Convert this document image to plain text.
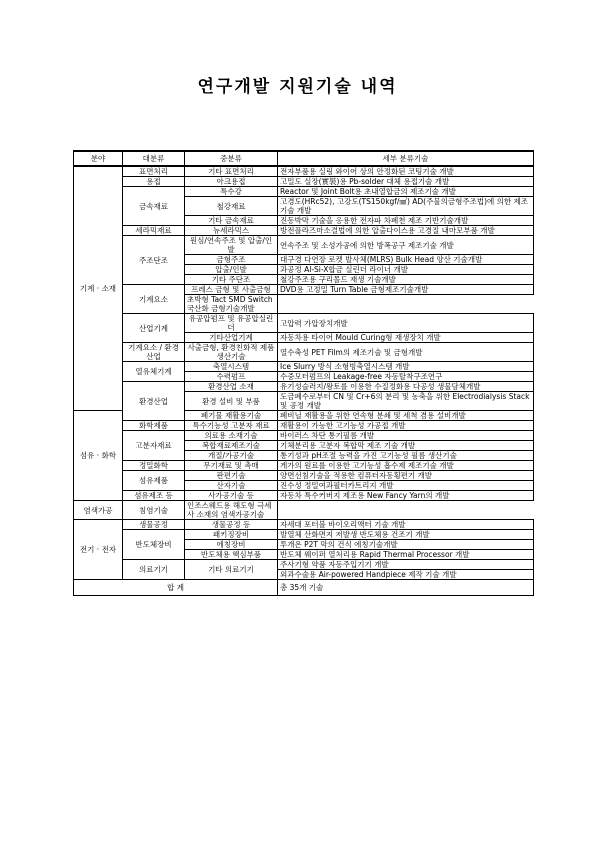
연구개발 지원기술 내역
분야	대분류	중분류	세부 분류기술
기계 · 소재	표면처리	기타 표면처리	전자부품용 실링 와이어 상의 안정화된 코팅기술 개발
	용접	아크용접	고밀도 실장(實裝)용 Pb-solder 대체 용접기술 개발
	금속재료	특수강	Reactor 및 Joint Bolt용 초내열합금의 제조기술 개발
		철강재료	고경도(HRc52), 고강도(TS150kgf/㎟) AD(주물의금형주조법)에 의한 제조기술 개발
		기타 금속재료	진동박막 기술을 응용한 전자파 차폐천 제조 기반기술개발
	세라믹재료	뉴세라믹스	방전플라즈마소결법에 의한 압출다이스용 고경질 내마모부품 개발
	주조단조	원심/연속주조 및 압출/인발	연속주조 및 소성가공에 의한 방폭공구 제조기술 개발
		금형주조	대구경 다연장 로켓 발사체(MLRS) Bulk Head 양산 기술개발
		압출/인발	과공정 Al-Si-X합금 실린더 라이너 개발
		기타 주단조	철강주조용 구리몰드 재생 기술개발
	기계요소	프레스 금형 및 사출금형	DVD용 고정밀 Turn Table 금형제조기술개발
		초박형 Tact SMD Switch 국산화 금형기술개발	
	산업기계	유공압펌프 및 유공압실린더	고압력 가압장치개발
		기타산업기계	자동차용 타이어 Mould Curing형 재생장치 개발
	기계요소 / 환경산업	사출금형, 환경친화적 제품생산기술	열수축성 PET Film의 제조기술 및 금형개발
	열유체기계	축열시스템	Ice Slurry 방식 소형빙축열시스템 개발
		수력펌프	수중모터펌프의 Leakage-free 자동탈착구조연구
	환경산업	환경산업 소재	유기성슬러지/왕토를 이용한 수질정화용 다공성 생물담체개발
		환경 설비 및 부품	도금폐수로부터 CN 및 Cr+6의 분리 및 농축을 위한 Electrodialysis Stack 및 공정 개발
섬유 · 화학		폐기물 재활용기술	폐비닐 재활용을 위한 연속형 분쇄 및 세척 겸용 설비개발
	화학제품	특수기능성 고분자 재료	재활용이 가능한 고기능성 가공접 개발
	고분자재료	의료용 소재기술	바이러스 차단 통기필름 개발
		복합재료제조기술	기체분리용 고분자 복합막 제조 기술 개발
		개질/가공기술	통기성과 pH조절 능력을 가진 고기능성 필름 생산기술
	정밀화학	무기재료 및 촉매	게가의 원료를 이용한 고기능성 흡수제 제조기술 개발
	섬유제품	판편기술	양면선침기술을 적용한 컴퓨터자동횡편기 개발
		산자기술	진수성 정밀여과필터카트리지 개발
	섬유제조 등	사가공기술 등	자동차 특수커버지 제조용 New Fancy Yarn의 개발
염색가공	침염기술	인조스웨드용 해도형 극세사 소재의 염색가공기술	
전기 · 전자	생물공정	생물공정 등	자세대 포터블 바이오리액터 기술 개발
	반도체장비	패키징장비	발열체 산화면지 저발생 반도체용 건조기 개발
		에칭장비	투개온 P2T 막의 건식 에칭기술개발
		반도체용 핵심부품	반도체 웨이퍼 열처리용 Rapid Thermal Processor 개발
	의료기기	기타 의료기기	주사기형 약품 자동주입기기 개발
			외과수술용 Air-powered Handpiece 제작 기술 개발
합 계			총 35개 기술
